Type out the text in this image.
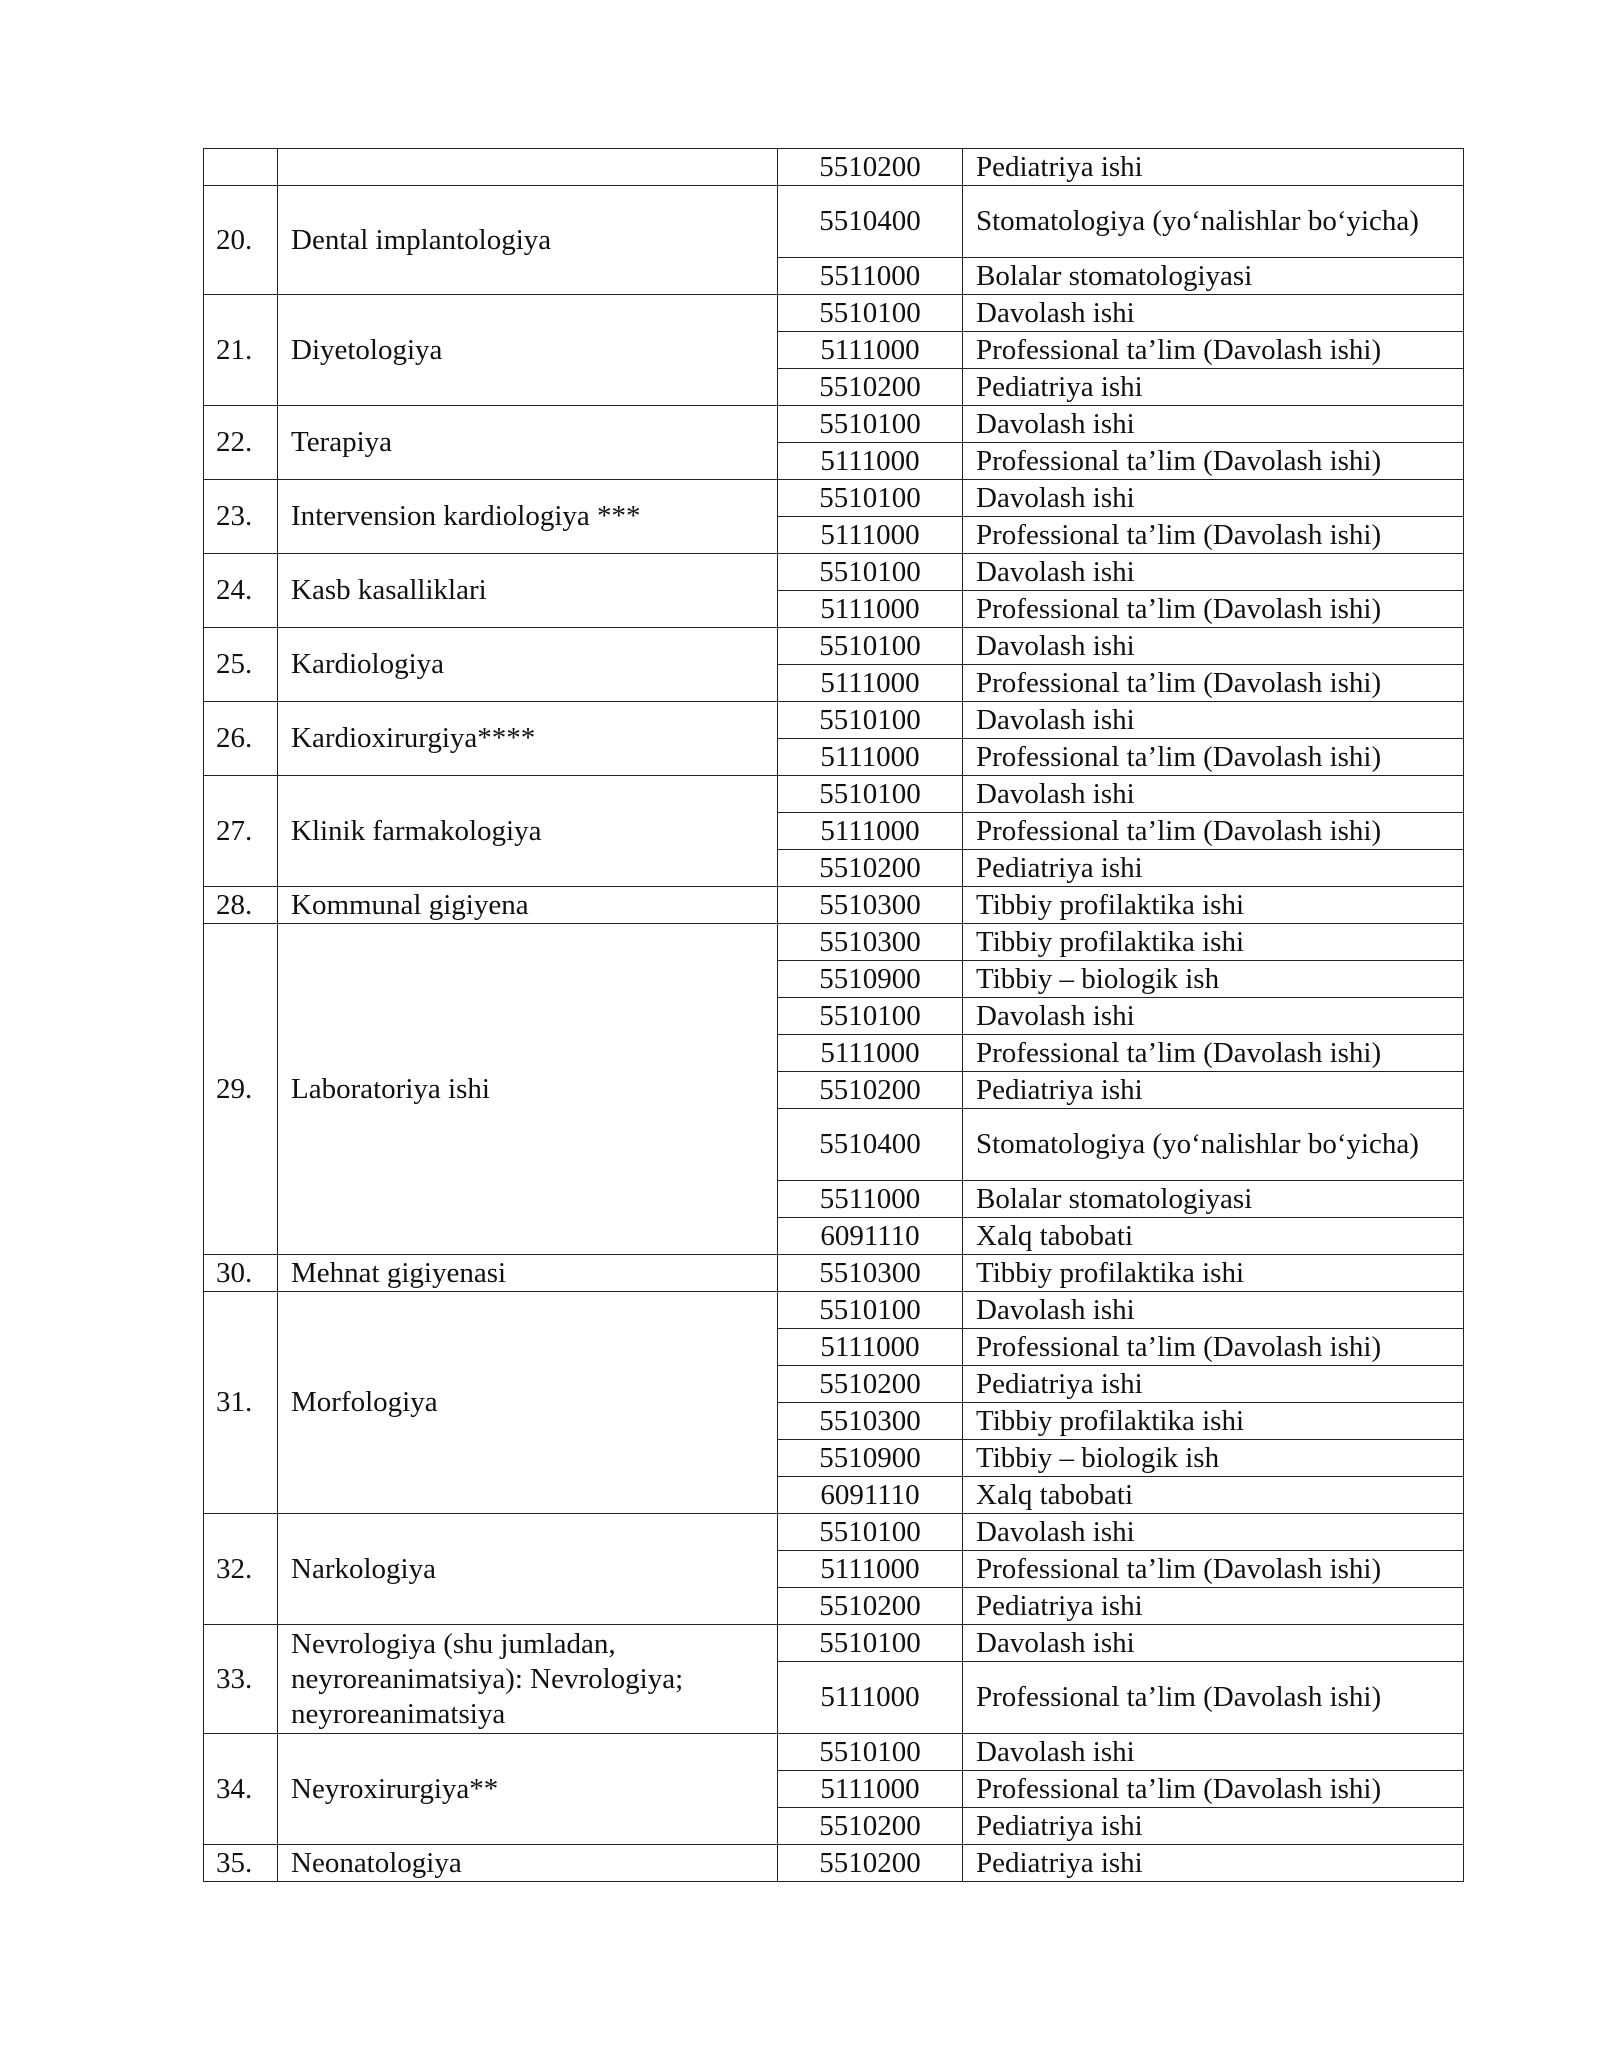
		5510200	Pediatriya ishi
20.	Dental implantologiya	5510400	Stomatologiya (yo‘nalishlar bo‘yicha)
		5511000	Bolalar stomatologiyasi
21.	Diyetologiya	5510100	Davolash ishi
		5111000	Professional ta’lim (Davolash ishi)
		5510200	Pediatriya ishi
22.	Terapiya	5510100	Davolash ishi
		5111000	Professional ta’lim (Davolash ishi)
23.	Intervension kardiologiya ***	5510100	Davolash ishi
		5111000	Professional ta’lim (Davolash ishi)
24.	Kasb kasalliklari	5510100	Davolash ishi
		5111000	Professional ta’lim (Davolash ishi)
25.	Kardiologiya	5510100	Davolash ishi
		5111000	Professional ta’lim (Davolash ishi)
26.	Kardioxirurgiya****	5510100	Davolash ishi
		5111000	Professional ta’lim (Davolash ishi)
27.	Klinik farmakologiya	5510100	Davolash ishi
		5111000	Professional ta’lim (Davolash ishi)
		5510200	Pediatriya ishi
28.	Kommunal gigiyena	5510300	Tibbiy profilaktika ishi
29.	Laboratoriya ishi	5510300	Tibbiy profilaktika ishi
		5510900	Tibbiy – biologik ish
		5510100	Davolash ishi
		5111000	Professional ta’lim (Davolash ishi)
		5510200	Pediatriya ishi
		5510400	Stomatologiya (yo‘nalishlar bo‘yicha)
		5511000	Bolalar stomatologiyasi
		6091110	Xalq tabobati
30.	Mehnat gigiyenasi	5510300	Tibbiy profilaktika ishi
31.	Morfologiya	5510100	Davolash ishi
		5111000	Professional ta’lim (Davolash ishi)
		5510200	Pediatriya ishi
		5510300	Tibbiy profilaktika ishi
		5510900	Tibbiy – biologik ish
		6091110	Xalq tabobati
32.	Narkologiya	5510100	Davolash ishi
		5111000	Professional ta’lim (Davolash ishi)
		5510200	Pediatriya ishi
33.	Nevrologiya (shu jumladan, neyroreanimatsiya): Nevrologiya; neyroreanimatsiya	5510100	Davolash ishi
		5111000	Professional ta’lim (Davolash ishi)
34.	Neyroxirurgiya**	5510100	Davolash ishi
		5111000	Professional ta’lim (Davolash ishi)
		5510200	Pediatriya ishi
35.	Neonatologiya	5510200	Pediatriya ishi
